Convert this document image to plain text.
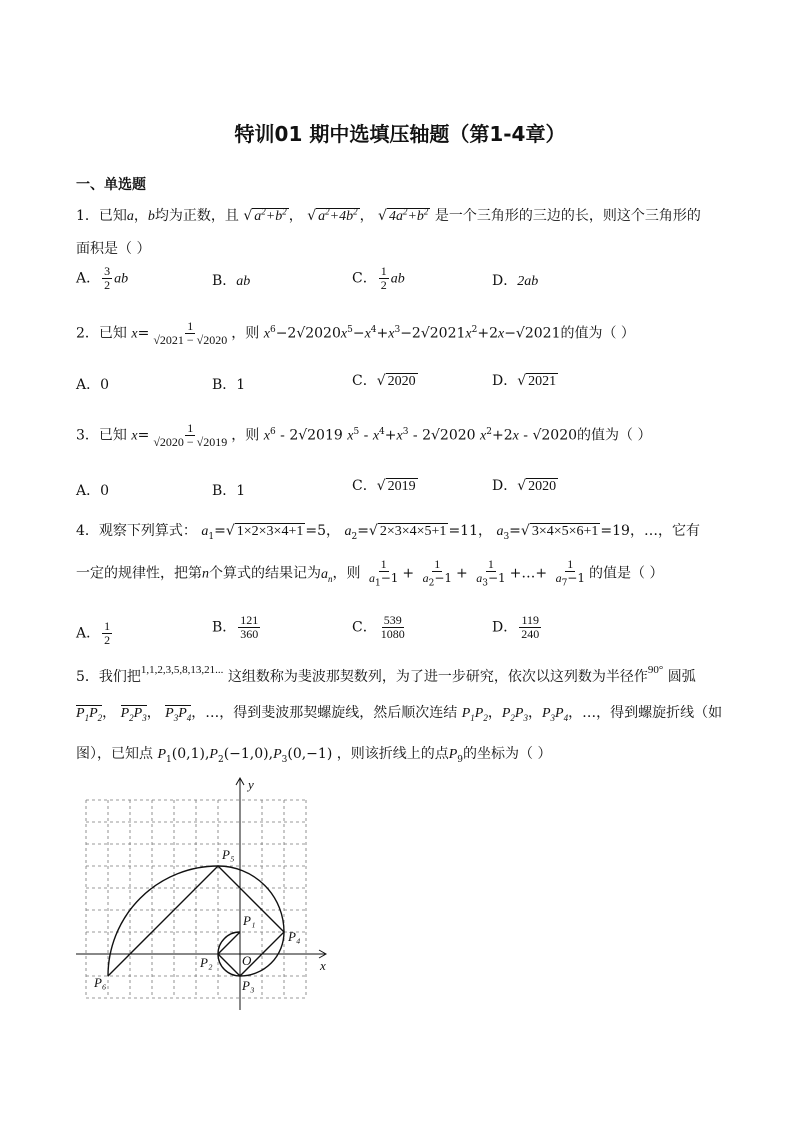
特训01 期中选填压轴题（第1-4章）
一、单选题
1．已知a，b均为正数，且 √ $a^2+b^2$ ， √ $a^2+4b^2$ ， √ $4a^2+b^2$ 是一个三角形的三边的长，则这个三角形的
面积是（ ）
A． $\frac{3}{2}$ ab	B．ab	C． $\frac{1}{2}$ ab	D．2ab
2．已知 $x= \frac{1}{√2021 - √2020}$ ，则 $x^6-2√2020x^5-x^4+x^3-2√2021x^2+2x-√2021$的值为（ ）
A．0	B．1	C．√ 2020	D．√ 2021
3．已知 $x= \frac{1}{√2020 - √2019}$ ，则 $x^6 - 2√2019$ $x^5 - x^4+x^3 - 2√2020$ $x^2+2x - √2020$的值为（ ）
A．0	B．1	C．√ 2019	D．√ 2020
4．观察下列算式： $a_1=√$ 1×2×3×4+1 =5， $a_2=√$ 2×3×4×5+1 =11， $a_3=√$ 3×4×5×6+1 =19，…，它有
一定的规律性，把第n个算式的结果记为$a_n$，则 $\frac{1}{a_1-1} + \frac{1}{a_2-1} + \frac{1}{a_3-1}$ +…+ $\frac{1}{a_7-1}$ 的值是（ ）
A． $\frac{1}{2}$	B． $\frac{121}{360}$	C． $\frac{539}{1080}$	D． $\frac{119}{240}$
5．我们把$^{1,1,2,3,5,8,13,21...}$ 这组数称为斐波那契数列，为了进一步研究，依次以这列数为半径作$^{90^\circ}$ 圆弧
$P_1P_2$， $P_2P_3$， $P_3P_4$，…，得到斐波那契螺旋线，然后顺次连结 $P_1P_2$，$P_2P_3$，$P_3P_4$，…，得到螺旋折线（如
图），已知点 $P_1(0,1),P_2(-1,0),P_3(0,-1)$ ，则该折线上的点$P_9$的坐标为（ ）
P₅
P₁
P₄
P₂ O
P₃
P₆
x
y
